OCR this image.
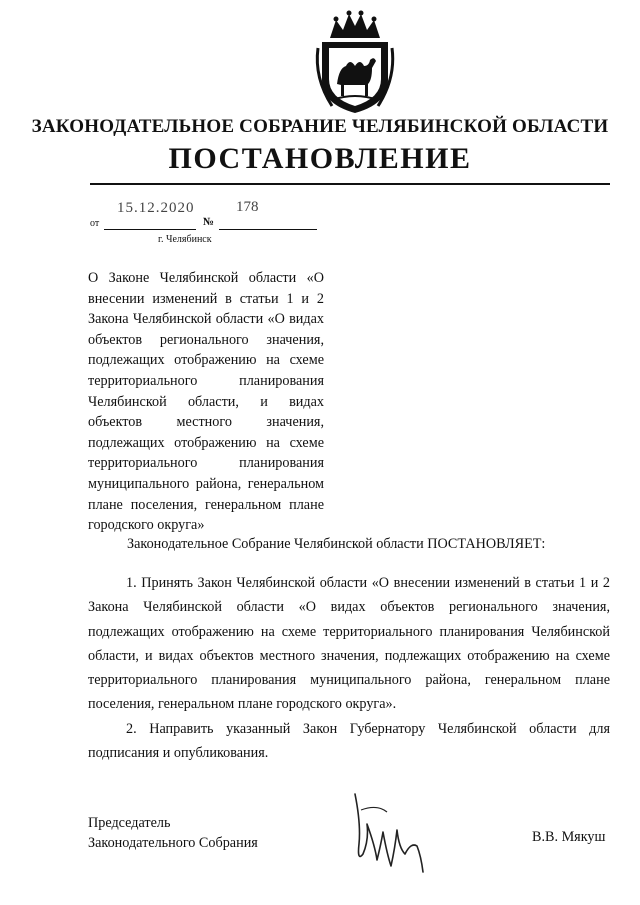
ЗАКОНОДАТЕЛЬНОЕ СОБРАНИЕ ЧЕЛЯБИНСКОЙ ОБЛАСТИ
ПОСТАНОВЛЕНИЕ
15.12.2020	178
от	№
г. Челябинск

О Законе Челябинской области «О внесении изменений в статьи 1 и 2 Закона Челябинской области «О видах объектов регионального значения, подлежащих отображению на схеме территориального планирования Челябинской области, и видах объектов местного значения, подлежащих отображению на схеме территориального планирования муниципального района, генеральном плане поселения, генеральном плане городского округа»

Законодательное Собрание Челябинской области ПОСТАНОВЛЯЕТ:

1. Принять Закон Челябинской области «О внесении изменений в статьи 1 и 2 Закона Челябинской области «О видах объектов регионального значения, подлежащих отображению на схеме территориального планирования Челябинской области, и видах объектов местного значения, подлежащих отображению на схеме территориального планирования муниципального района, генеральном плане поселения, генеральном плане городского округа».

2. Направить указанный Закон Губернатору Челябинской области для подписания и опубликования.

Председатель
Законодательного Собрания	В.В. Мякуш
